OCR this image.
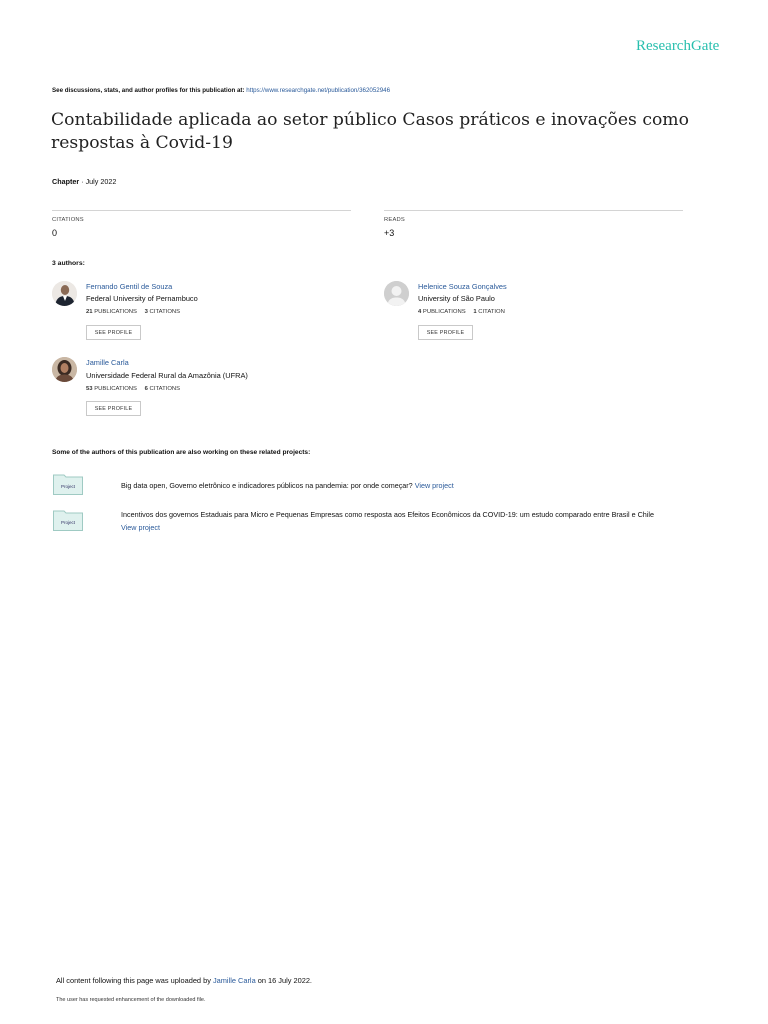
ResearchGate
See discussions, stats, and author profiles for this publication at: https://www.researchgate.net/publication/362052946
Contabilidade aplicada ao setor público Casos práticos e inovações como respostas à Covid-19
Chapter · July 2022
CITATIONS
0
READS
+3
3 authors:
Fernando Gentil de Souza
Federal University of Pernambuco
21 PUBLICATIONS 3 CITATIONS
SEE PROFILE
Helenice Souza Gonçalves
University of São Paulo
4 PUBLICATIONS 1 CITATION
SEE PROFILE
Jamille Carla
Universidade Federal Rural da Amazônia (UFRA)
53 PUBLICATIONS 6 CITATIONS
SEE PROFILE
Some of the authors of this publication are also working on these related projects:
Project	Big data open, Governo eletrônico e indicadores públicos na pandemia: por onde começar? View project
Project
Incentivos dos governos Estaduais para Micro e Pequenas Empresas como resposta aos Efeitos Econômicos da COVID-19: um estudo comparado entre Brasil e Chile
View project
All content following this page was uploaded by Jamille Carla on 16 July 2022.
The user has requested enhancement of the downloaded file.
